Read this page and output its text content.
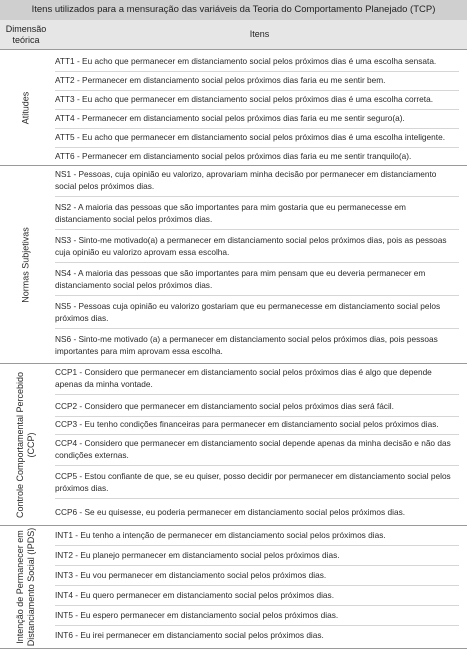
Itens utilizados para a mensuração das variáveis da Teoria do Comportamento Planejado (TCP)
Dimensão
teórica
Itens
Atitudes
ATT1 - Eu acho que permanecer em distanciamento social pelos próximos dias é uma escolha sensata.
ATT2 - Permanecer em distanciamento social pelos próximos dias faria eu me sentir bem.
ATT3 - Eu acho que permanecer em distanciamento social pelos próximos dias é uma escolha correta.
ATT4 - Permanecer em distanciamento social pelos próximos dias faria eu me sentir seguro(a).
ATT5 - Eu acho que permanecer em distanciamento social pelos próximos dias é uma escolha inteligente.
ATT6 - Permanecer em distanciamento social pelos próximos dias faria eu me sentir tranquilo(a).
Normas Subjetivas
NS1 - Pessoas, cuja opinião eu valorizo, aprovariam minha decisão por permanecer em distanciamento social pelos próximos dias.
NS2 - A maioria das pessoas que são importantes para mim gostaria que eu permanecesse em distanciamento social pelos próximos dias.
NS3 - Sinto-me motivado(a) a permanecer em distanciamento social pelos próximos dias, pois as pessoas cuja opinião eu valorizo aprovam essa escolha.
NS4 - A maioria das pessoas que são importantes para mim pensam que eu deveria permanecer em distanciamento social pelos próximos dias.
NS5 - Pessoas cuja opinião eu valorizo gostariam que eu permanecesse em distanciamento social pelos próximos dias.
NS6 - Sinto-me motivado (a) a permanecer em distanciamento social pelos próximos dias, pois pessoas importantes para mim aprovam essa escolha.
Controle Comportamental Percebido (CCP)
CCP1 - Considero que permanecer em distanciamento social pelos próximos dias é algo que depende apenas da minha vontade.
CCP2 - Considero que permanecer em distanciamento social pelos próximos dias será fácil.
CCP3 - Eu tenho condições financeiras para permanecer em distanciamento social pelos próximos dias.
CCP4 - Considero que permanecer em distanciamento social depende apenas da minha decisão e não das condições externas.
CCP5 - Estou confiante de que, se eu quiser, posso decidir por permanecer em distanciamento social pelos próximos dias.
CCP6 - Se eu quisesse, eu poderia permanecer em distanciamento social pelos próximos dias.
Intenção de Permanecer em Distanciamento Social (IPDS) INT1 - Eu tenho a intenção de permanecer em distanciamento social pelos próximos dias.
INT2 - Eu planejo permanecer em distanciamento social pelos próximos dias.
INT3 - Eu vou permanecer em distanciamento social pelos próximos dias.
INT4 - Eu quero permanecer em distanciamento social pelos próximos dias.
INT5 - Eu espero permanecer em distanciamento social pelos próximos dias.
INT6 - Eu irei permanecer em distanciamento social pelos próximos dias.
